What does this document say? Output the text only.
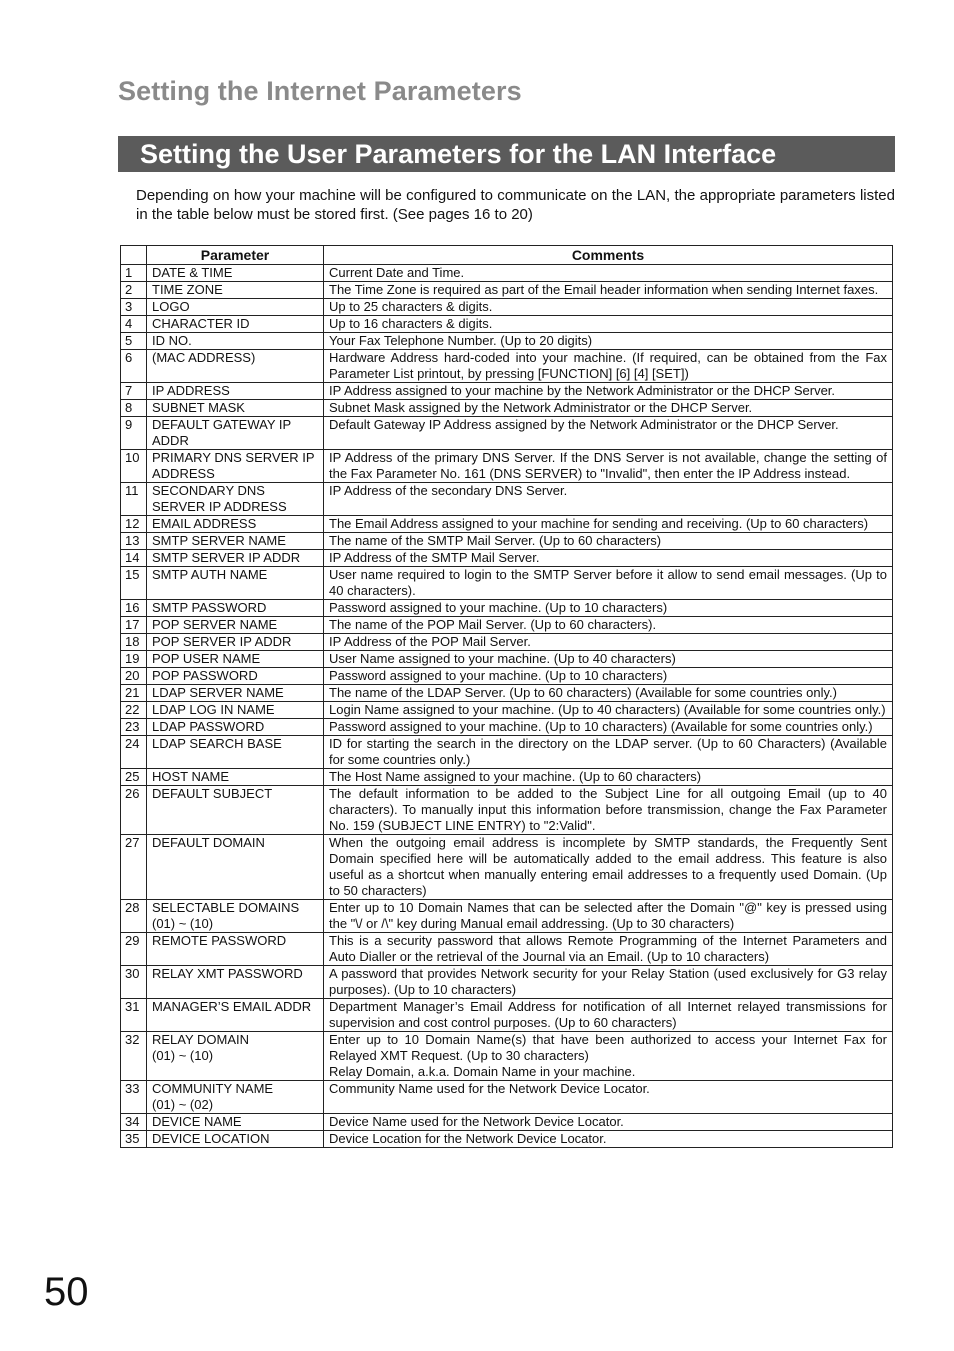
Setting the Internet Parameters
Setting the User Parameters for the LAN Interface

Depending on how your machine will be configured to communicate on the LAN, the appropriate parameters listed in the table below must be stored first. (See pages 16 to 20)

	Parameter	Comments
1	DATE & TIME	Current Date and Time.
2	TIME ZONE	The Time Zone is required as part of the Email header information when sending Internet faxes.
3	LOGO	Up to 25 characters & digits.
4	CHARACTER ID	Up to 16 characters & digits.
5	ID NO.	Your Fax Telephone Number. (Up to 20 digits)
6	(MAC ADDRESS)	Hardware Address hard-coded into your machine. (If required, can be obtained from the Fax Parameter List printout, by pressing [FUNCTION] [6] [4] [SET])
7	IP ADDRESS	IP Address assigned to your machine by the Network Administrator or the DHCP Server.
8	SUBNET MASK	Subnet Mask assigned by the Network Administrator or the DHCP Server.
9	DEFAULT GATEWAY IP ADDR	Default Gateway IP Address assigned by the Network Administrator or the DHCP Server.
10	PRIMARY DNS SERVER IP ADDRESS	IP Address of the primary DNS Server. If the DNS Server is not available, change the setting of the Fax Parameter No. 161 (DNS SERVER) to "Invalid", then enter the IP Address instead.
11	SECONDARY DNS
SERVER IP ADDRESS	IP Address of the secondary DNS Server.
12	EMAIL ADDRESS	The Email Address assigned to your machine for sending and receiving. (Up to 60 characters)
13	SMTP SERVER NAME	The name of the SMTP Mail Server. (Up to 60 characters)
14	SMTP SERVER IP ADDR	IP Address of the SMTP Mail Server.
15	SMTP AUTH NAME	User name required to login to the SMTP Server before it allow to send email messages. (Up to 40 characters).
16	SMTP PASSWORD	Password assigned to your machine. (Up to 10 characters)
17	POP SERVER NAME	The name of the POP Mail Server. (Up to 60 characters).
18	POP SERVER IP ADDR	IP Address of the POP Mail Server.
19	POP USER NAME	User Name assigned to your machine. (Up to 40 characters)
20	POP PASSWORD	Password assigned to your machine. (Up to 10 characters)
21	LDAP SERVER NAME	The name of the LDAP Server. (Up to 60 characters) (Available for some countries only.)
22	LDAP LOG IN NAME	Login Name assigned to your machine. (Up to 40 characters) (Available for some countries only.)
23	LDAP PASSWORD	Password assigned to your machine. (Up to 10 characters) (Available for some countries only.)
24	LDAP SEARCH BASE	ID for starting the search in the directory on the LDAP server. (Up to 60 Characters) (Available for some countries only.)
25	HOST NAME	The Host Name assigned to your machine. (Up to 60 characters)
26	DEFAULT SUBJECT	The default information to be added to the Subject Line for all outgoing Email (up to 40 characters). To manually input this information before transmission, change the Fax Parameter No. 159 (SUBJECT LINE ENTRY) to "2:Valid".
27	DEFAULT DOMAIN	When the outgoing email address is incomplete by SMTP standards, the Frequently Sent Domain specified here will be automatically added to the email address. This feature is also useful as a shortcut when manually entering email addresses to a frequently used Domain. (Up to 50 characters)
28	SELECTABLE DOMAINS
(01) ~ (10)	Enter up to 10 Domain Names that can be selected after the Domain "@" key is pressed using the "\/ or /\" key during Manual email addressing. (Up to 30 characters)
29	REMOTE PASSWORD	This is a security password that allows Remote Programming of the Internet Parameters and Auto Dialler or the retrieval of the Journal via an Email. (Up to 10 characters)
30	RELAY XMT PASSWORD	A password that provides Network security for your Relay Station (used exclusively for G3 relay purposes). (Up to 10 characters)
31	MANAGER’S EMAIL ADDR	Department Manager’s Email Address for notification of all Internet relayed transmissions for supervision and cost control purposes. (Up to 60 characters)
32	RELAY DOMAIN
(01) ~ (10)	Enter up to 10 Domain Name(s) that have been authorized to access your Internet Fax for Relayed XMT Request. (Up to 30 characters)
Relay Domain, a.k.a. Domain Name in your machine.

33	COMMUNITY NAME
(01) ~ (02)	Community Name used for the Network Device Locator.
34	DEVICE NAME	Device Name used for the Network Device Locator.
35	DEVICE LOCATION	Device Location for the Network Device Locator.
50
